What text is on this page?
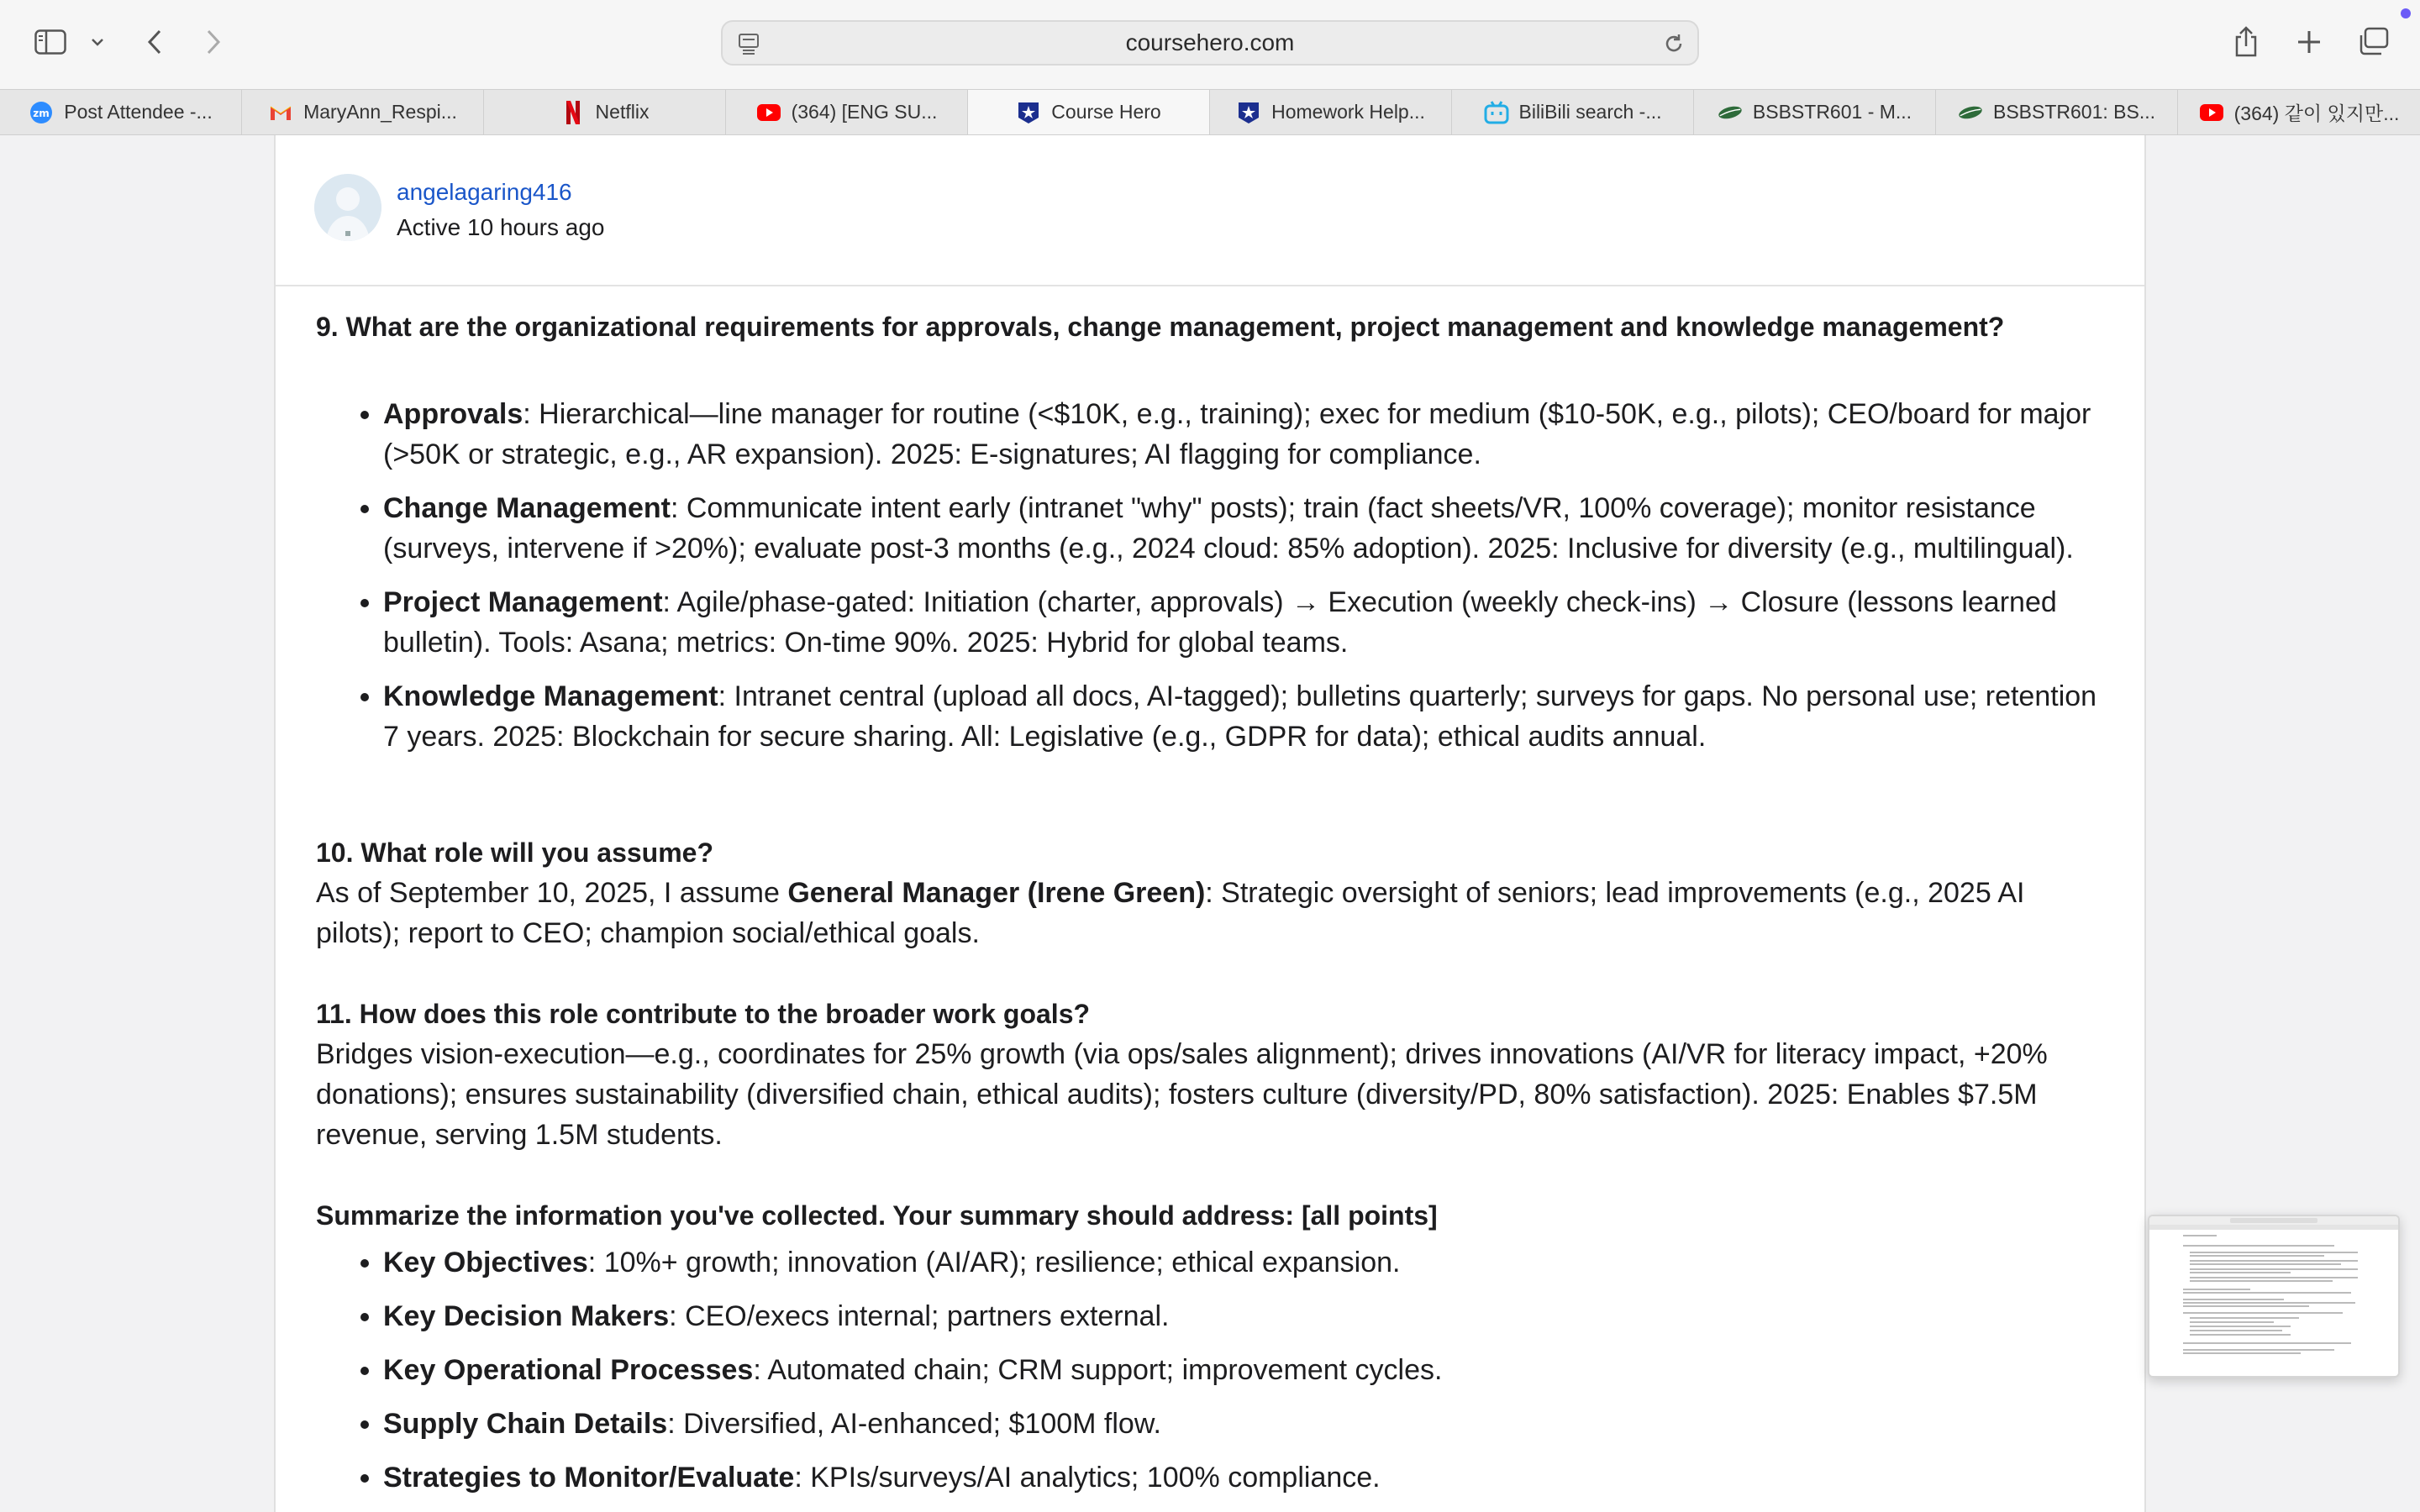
coursehero.com
zm Post Attendee -...	MaryAnn_Respi...	Netflix	(364) [ENG SU...	Course Hero	Homework Help...	BiliBili search -...	BSBSTR601 - M...	BSBSTR601: BS...	(364) 같이 있지만...
angelagaring416
Active 10 hours ago

9. What are the organizational requirements for approvals, change management, project management and knowledge management?

• Approvals: Hierarchical—line manager for routine (<$10K, e.g., training); exec for medium ($10-50K, e.g., pilots); CEO/board for major (>50K or strategic, e.g., AR expansion). 2025: E-signatures; AI flagging for compliance.
• Change Management: Communicate intent early (intranet "why" posts); train (fact sheets/VR, 100% coverage); monitor resistance (surveys, intervene if >20%); evaluate post-3 months (e.g., 2024 cloud: 85% adoption). 2025: Inclusive for diversity (e.g., multilingual).
• Project Management: Agile/phase-gated: Initiation (charter, approvals) → Execution (weekly check-ins) → Closure (lessons learned bulletin). Tools: Asana; metrics: On-time 90%. 2025: Hybrid for global teams.
• Knowledge Management: Intranet central (upload all docs, AI-tagged); bulletins quarterly; surveys for gaps. No personal use; retention 7 years. 2025: Blockchain for secure sharing. All: Legislative (e.g., GDPR for data); ethical audits annual.

10. What role will you assume?

As of September 10, 2025, I assume General Manager (Irene Green): Strategic oversight of seniors; lead improvements (e.g., 2025 AI pilots); report to CEO; champion social/ethical goals.

11. How does this role contribute to the broader work goals?

Bridges vision-execution—e.g., coordinates for 25% growth (via ops/sales alignment); drives innovations (AI/VR for literacy impact, +20% donations); ensures sustainability (diversified chain, ethical audits); fosters culture (diversity/PD, 80% satisfaction). 2025: Enables $7.5M revenue, serving 1.5M students.

Summarize the information you've collected. Your summary should address: [all points]

• Key Objectives: 10%+ growth; innovation (AI/AR); resilience; ethical expansion.
• Key Decision Makers: CEO/execs internal; partners external.
• Key Operational Processes: Automated chain; CRM support; improvement cycles.
• Supply Chain Details: Diversified, AI-enhanced; $100M flow.
• Strategies to Monitor/Evaluate: KPIs/surveys/AI analytics; 100% compliance.
